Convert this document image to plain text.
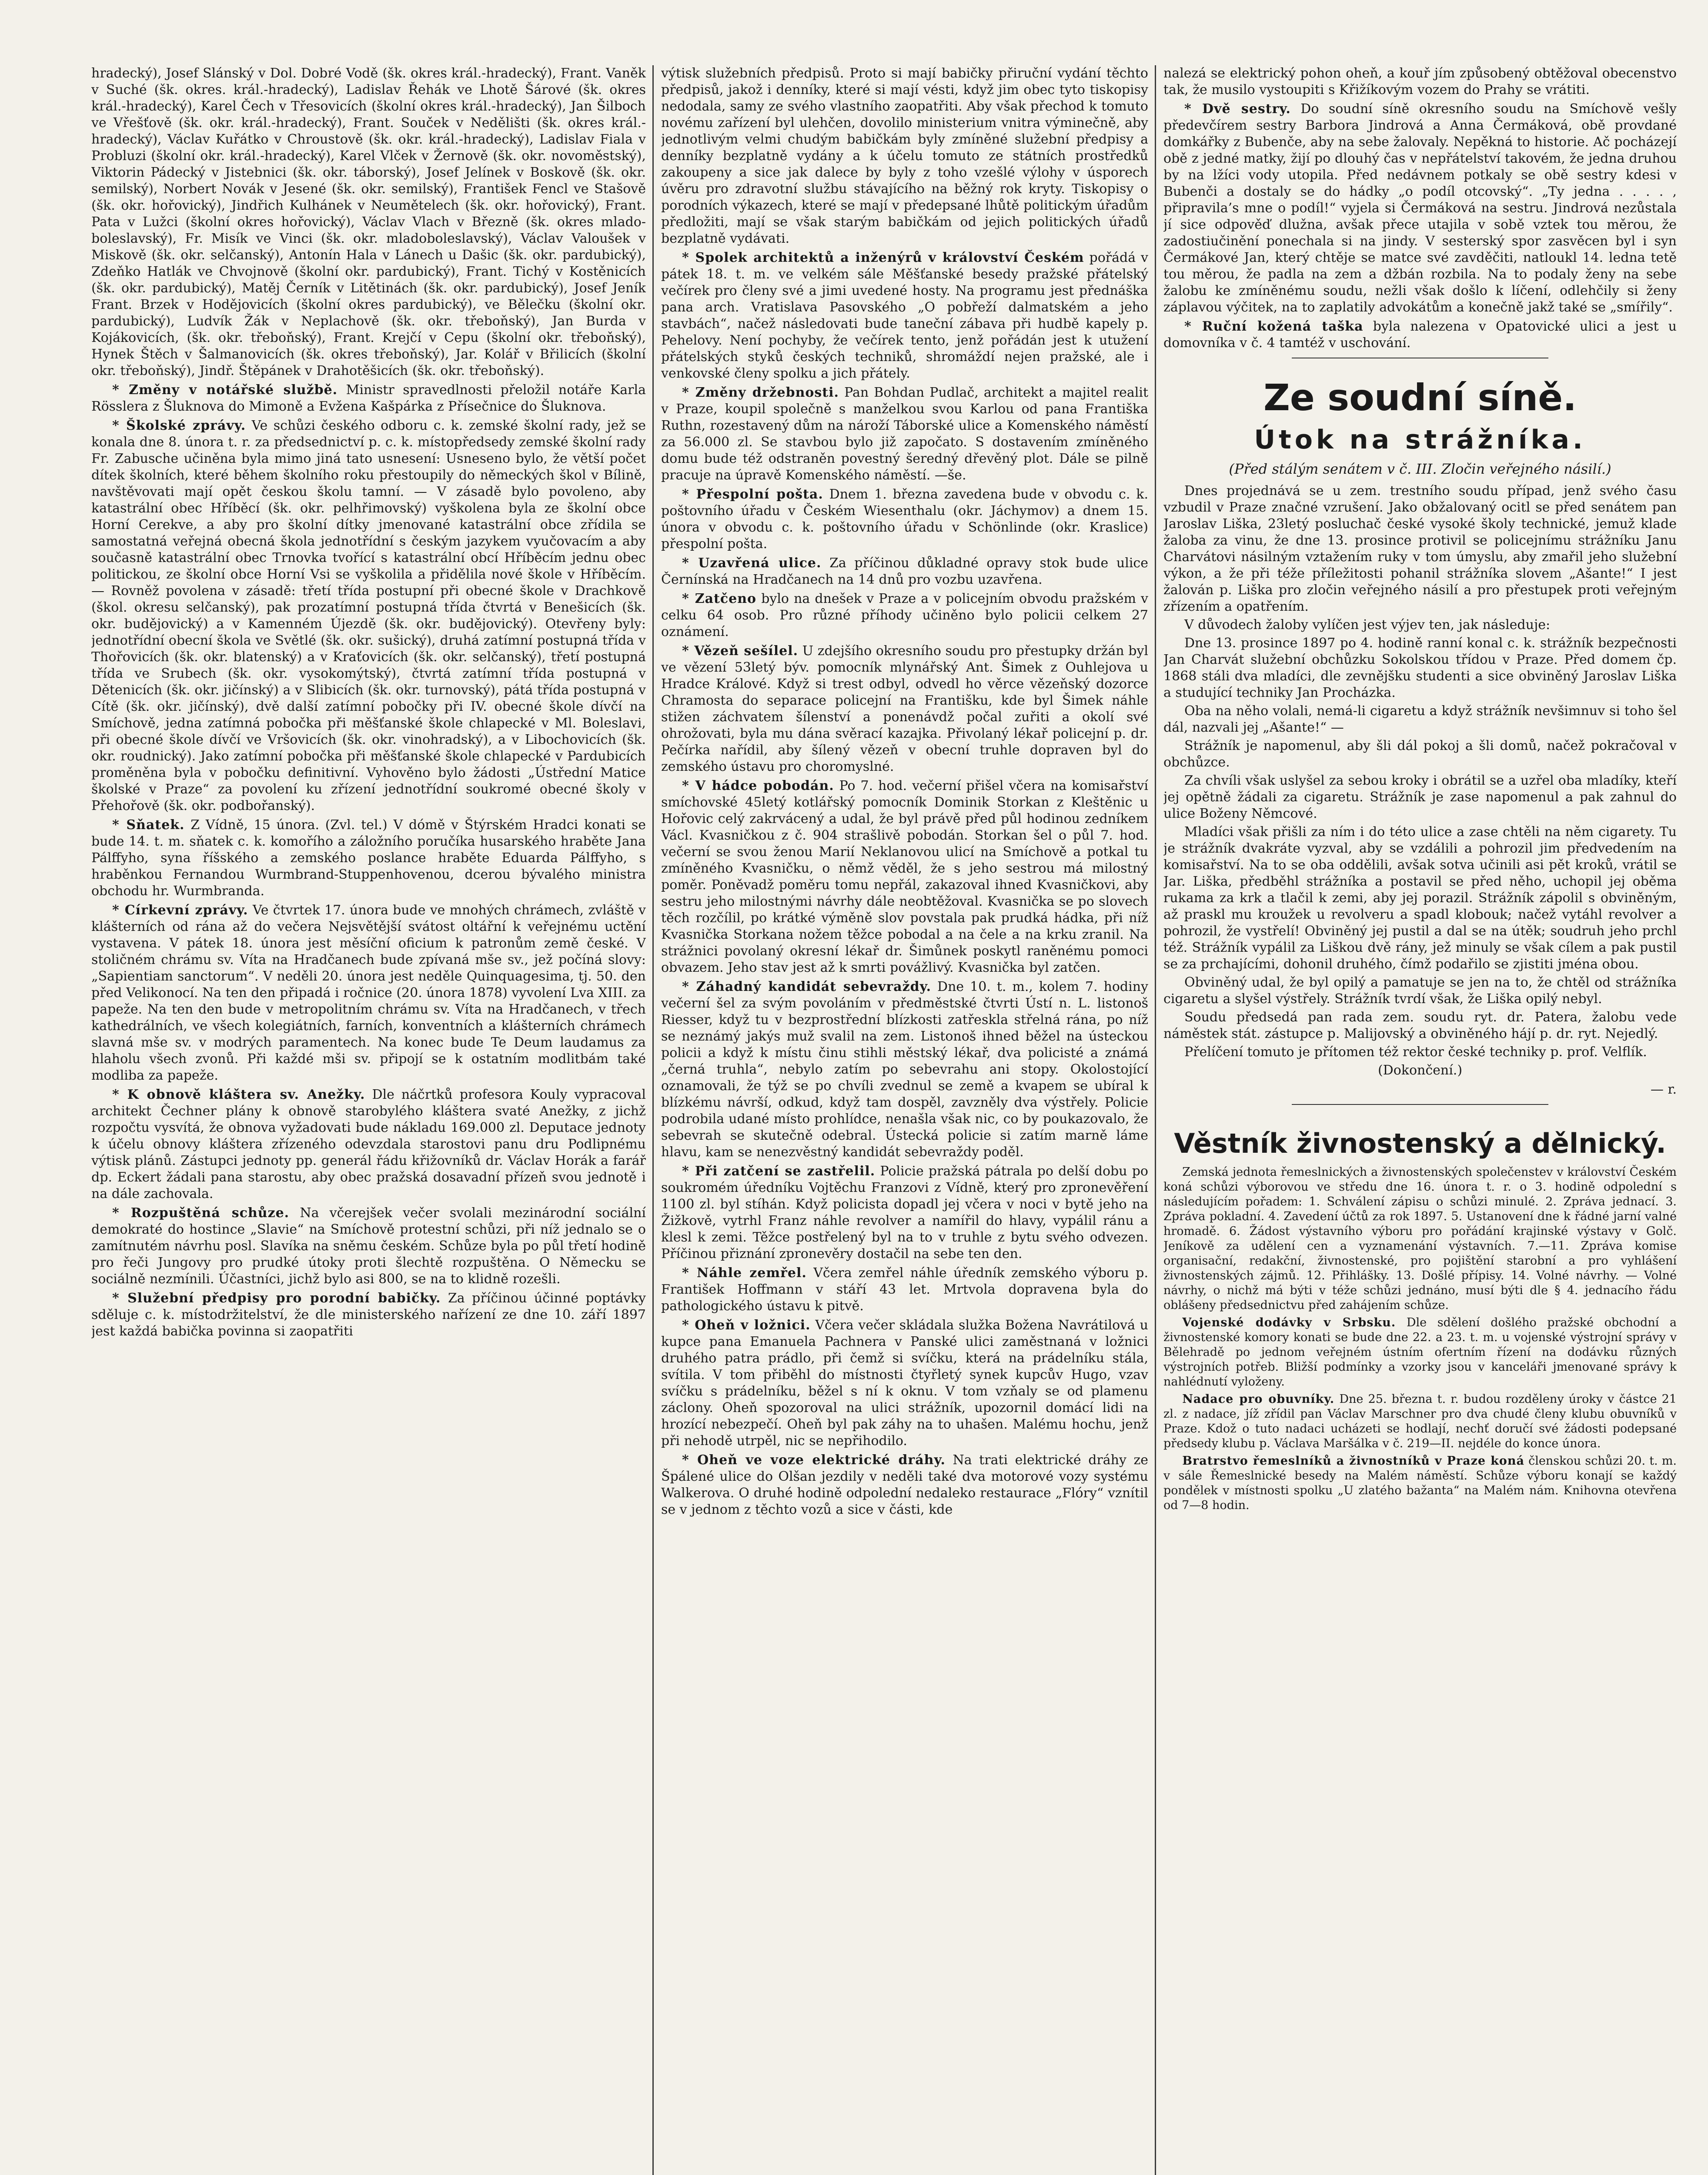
hradecký), Josef Slánský v Dol. Dobré Vodě (šk. okres král.-hradecký), Frant. Vaněk v Suché (šk. okres. král.-hradecký), Ladislav Řehák ve Lhotě Šárové (šk. okres král.-hradecký), Karel Čech v Třesovicích (školní okres král.-hradecký), Jan Šilboch ve Vřešťově (šk. okr. král.-hradecký), Frant. Souček v Nedělišti (šk. okres král.-hradecký), Václav Kuřátko v Chroustově (šk. okr. král.-hradecký), Ladislav Fiala v Probluzi (školní okr. král.-hradecký), Karel Vlček v Žernově (šk. okr. novoměstský), Viktorin Pádecký v Jistebnici (šk. okr. táborský), Josef Jelínek v Boskově (šk. okr. semilský), Norbert Novák v Jesené (šk. okr. semilský), František Fencl ve Stašově (šk. okr. hořovický), Jindřich Kulhánek v Neumětelech (šk. okr. hořovický), Frant. Pata v Lužci (školní okres hořovický), Václav Vlach v Březně (šk. okres mlado-boleslavský), Fr. Misík ve Vinci (šk. okr. mladoboleslavský), Václav Valoušek v Miskově (šk. okr. selčanský), Antonín Hala v Lánech u Dašic (šk. okr. pardubický), Zdeňko Hatlák ve Chvojnově (školní okr. pardubický), Frant. Tichý v Kostěnicích (šk. okr. pardubický), Matěj Černík v Litětinách (šk. okr. pardubický), Josef Jeník Frant. Brzek v Hodějovicích (školní okres pardubický), ve Bělečku (školní okr. pardubický), Ludvík Žák v Neplachově (šk. okr. třeboňský), Jan Burda v Kojákovicích, (šk. okr. třeboňský), Frant. Krejčí v Cepu (školní okr. třeboňský), Hynek Štěch v Šalmanovicích (šk. okres třeboňský), Jar. Kolář v Břilicích (školní okr. třeboňský), Jindř. Štěpánek v Drahotěšicích (šk. okr. třeboňský).

* Změny v notářské službě. Ministr spravedlnosti přeložil notáře Karla Rösslera z Šluknova do Mimoně a Evžena Kašpárka z Přísečnice do Šluknova.

* Školské zprávy. Ve schůzi českého odboru c. k. zemské školní rady, jež se konala dne 8. února t. r. za předsednictví p. c. k. místopředsedy zemské školní rady Fr. Zabusche učiněna byla mimo jiná tato usnesení: Usneseno bylo, že větší počet dítek školních, které během školního roku přestoupily do německých škol v Bílině, navštěvovati mají opět českou školu tamní. — V zásadě bylo povoleno, aby katastrální obec Hříběcí (šk. okr. pelhřimovský) vyškolena byla ze školní obce Horní Cerekve, a aby pro školní dítky jmenované katastrální obce zřídila se samostatná veřejná obecná škola jednotřídní s českým jazykem vyučovacím a aby současně katastrální obec Trnovka tvořící s katastrální obcí Hříběcím jednu obec politickou, ze školní obce Horní Vsi se vyškolila a přidělila nové škole v Hříběcím. — Rovněž povolena v zásadě: třetí třída postupní při obecné škole v Drachkově (škol. okresu selčanský), pak prozatímní postupná třída čtvrtá v Benešicích (šk. okr. budějovický) a v Kamenném Újezdě (šk. okr. budějovický). Otevřeny byly: jednotřídní obecní škola ve Světlé (šk. okr. sušický), druhá zatímní postupná třída v Thořovicích (šk. okr. blatenský) a v Kraťovicích (šk. okr. selčanský), třetí postupná třída ve Srubech (šk. okr. vysokomýtský), čtvrtá zatímní třída postupná v Dětenicích (šk. okr. jičínský) a v Slibicích (šk. okr. turnovský), pátá třída postupná v Cítě (šk. okr. jičínský), dvě další zatímní pobočky při IV. obecné škole dívčí na Smíchově, jedna zatímná pobočka při měšťanské škole chlapecké v Ml. Boleslavi, při obecné škole dívčí ve Vršovicích (šk. okr. vinohradský), a v Libochovicích (šk. okr. roudnický). Jako zatímní pobočka při měšťanské škole chlapecké v Pardubicích proměněna byla v pobočku definitivní. Vyhověno bylo žádosti „Ústřední Matice školské v Praze“ za povolení ku zřízení jednotřídní soukromé obecné školy v Přehořově (šk. okr. podbořanský).

* Sňatek. Z Vídně, 15 února. (Zvl. tel.) V dómě v Štýrském Hradci konati se bude 14. t. m. sňatek c. k. komořího a záložního poručíka husarského hraběte Jana Pálffyho, syna říšského a zemského poslance hraběte Eduarda Pálffyho, s hraběnkou Fernandou Wurmbrand-Stuppenhovenou, dcerou bývalého ministra obchodu hr. Wurmbranda.

* Církevní zprávy. Ve čtvrtek 17. února bude ve mnohých chrámech, zvláště v klášterních od rána až do večera Nejsvětější svátost oltářní k veřejnému uctění vystavena. V pátek 18. února jest měsíční oficium k patronům země české. V stoličném chrámu sv. Víta na Hradčanech bude zpívaná mše sv., jež počíná slovy: „Sapientiam sanctorum“. V neděli 20. února jest neděle Quinquagesima, tj. 50. den před Velikonocí. Na ten den připadá i ročnice (20. února 1878) vyvolení Lva XIII. za papeže. Na ten den bude v metropolitním chrámu sv. Víta na Hradčanech, v třech kathedrálních, ve všech kolegiátních, farních, konventních a klášterních chrámech slavná mše sv. v modrých paramentech. Na konec bude Te Deum laudamus za hlaholu všech zvonů. Při každé mši sv. připojí se k ostatním modlitbám také modliba za papeže.

* K obnově kláštera sv. Anežky. Dle náčrtků profesora Kouly vypracoval architekt Čechner plány k obnově starobylého kláštera svaté Anežky, z jichž rozpočtu vysvítá, že obnova vyžadovati bude nákladu 169.000 zl. Deputace jednoty k účelu obnovy kláštera zřízeného odevzdala starostovi panu dru Podlipnému výtisk plánů. Zástupci jednoty pp. generál řádu křižovníků dr. Václav Horák a farář dp. Eckert žádali pana starostu, aby obec pražská dosavadní přízeň svou jednotě i na dále zachovala.

* Rozpuštěná schůze. Na včerejšek večer svolali mezinárodní sociální demokraté do hostince „Slavie“ na Smíchově protestní schůzi, při níž jednalo se o zamítnutém návrhu posl. Slavíka na sněmu českém. Schůze byla po půl třetí hodině pro řeči Jungovy pro prudké útoky proti šlechtě rozpuštěna. O Německu se sociálně nezmínili. Účastníci, jichž bylo asi 800, se na to klidně rozešli.

* Služební předpisy pro porodní babičky. Za příčinou účinné poptávky sděluje c. k. místodržitelství, že dle ministerského nařízení ze dne 10. září 1897 jest každá babička povinna si zaopatřiti

výtisk služebních předpisů. Proto si mají babičky přiruční vydání těchto předpisů, jakož i denníky, které si mají vésti, když jim obec tyto tiskopisy nedodala, samy ze svého vlastního zaopatřiti. Aby však přechod k tomuto novému zařízení byl ulehčen, dovolilo ministerium vnitra výminečně, aby jednotlivým velmi chudým babičkám byly zmíněné služební předpisy a denníky bezplatně vydány a k účelu tomuto ze státních prostředků zakoupeny a sice jak dalece by byly z toho vzešlé výlohy v úsporech úvěru pro zdravotní službu stávajícího na běžný rok kryty. Tiskopisy o porodních výkazech, které se mají v předepsané lhůtě politickým úřadům předložiti, mají se však starým babičkám od jejich politických úřadů bezplatně vydávati.

* Spolek architektů a inženýrů v království Českém pořádá v pátek 18. t. m. ve velkém sále Měšťanské besedy pražské přátelský večírek pro členy své a jimi uvedené hosty. Na programu jest přednáška pana arch. Vratislava Pasovského „O pobřeží dalmatském a jeho stavbách“, načež následovati bude taneční zábava při hudbě kapely p. Pehelovy. Není pochyby, že večírek tento, jenž pořádán jest k utužení přátelských styků českých techniků, shromáždí nejen pražské, ale i venkovské členy spolku a jich přátely.

* Změny držebnosti. Pan Bohdan Pudlač, architekt a majitel realit v Praze, koupil společně s manželkou svou Karlou od pana Františka Ruthn, rozestavený dům na nároží Táborské ulice a Komenského náměstí za 56.000 zl. Se stavbou bylo již započato. S dostavením zmíněného domu bude též odstraněn povestný šeredný dřevěný plot. Dále se pilně pracuje na úpravě Komenského náměstí. —še.

* Přespolní pošta. Dnem 1. března zavedena bude v obvodu c. k. poštovního úřadu v Českém Wiesenthalu (okr. Jáchymov) a dnem 15. února v obvodu c. k. poštovního úřadu v Schönlinde (okr. Kraslice) přespolní pošta.

* Uzavřená ulice. Za příčinou důkladné opravy stok bude ulice Černínská na Hradčanech na 14 dnů pro vozbu uzavřena.

* Zatčeno bylo na dnešek v Praze a v policejním obvodu pražském v celku 64 osob. Pro různé příhody učiněno bylo policii celkem 27 oznámení.

* Vězeň sešílel. U zdejšího okresního soudu pro přestupky držán byl ve vězení 53letý býv. pomocník mlynářský Ant. Šimek z Ouhlejova u Hradce Králové. Když si trest odbyl, odvedl ho věrce vězeňský dozorce Chramosta do separace policejní na Františku, kde byl Šimek náhle stižen záchvatem šílenství a ponenávdž počal zuřiti a okolí své ohrožovati, byla mu dána svěrací kazajka. Přivolaný lékař policejní p. dr. Pečírka nařídil, aby šílený vězeň v obecní truhle dopraven byl do zemského ústavu pro choromyslné.

* V hádce pobodán. Po 7. hod. večerní přišel včera na komisařství smíchovské 45letý kotlářský pomocník Dominik Storkan z Kleštěnic u Hořovic celý zakrvácený a udal, že byl právě před půl hodinou zedníkem Václ. Kvasničkou z č. 904 strašlivě pobodán. Storkan šel o půl 7. hod. večerní se svou ženou Marií Neklanovou ulicí na Smíchově a potkal tu zmíněného Kvasničku, o němž věděl, že s jeho sestrou má milostný poměr. Poněvadž poměru tomu nepřál, zakazoval ihned Kvasničkovi, aby sestru jeho milostnými návrhy dále neobtěžoval. Kvasnička se po slovech těch rozčílil, po krátké výměně slov povstala pak prudká hádka, při níž Kvasnička Storkana nožem těžce pobodal a na čele a na krku zranil. Na strážnici povolaný okresní lékař dr. Šimůnek poskytl raněnému pomoci obvazem. Jeho stav jest až k smrti povážlivý. Kvasnička byl zatčen.

* Záhadný kandidát sebevraždy. Dne 10. t. m., kolem 7. hodiny večerní šel za svým povoláním v předměstské čtvrti Ústí n. L. listonoš Riesser, když tu v bezprostřední blízkosti zatřeskla střelná rána, po níž se neznámý jakýs muž svalil na zem. Listonoš ihned běžel na ústeckou policii a když k místu činu stihli městský lékař, dva policisté a známá „černá truhla“, nebylo zatím po sebevrahu ani stopy. Okolostojící oznamovali, že týž se po chvíli zvednul se země a kvapem se ubíral k blízkému návrší, odkud, když tam dospěl, zavzněly dva výstřely. Policie podrobila udané místo prohlídce, nenašla však nic, co by poukazovalo, že sebevrah se skutečně odebral. Ústecká policie si zatím marně láme hlavu, kam se nenezvěstný kandidát sebevraždy poděl.

* Při zatčení se zastřelil. Policie pražská pátrala po delší dobu po soukromém úředníku Vojtěchu Franzovi z Vídně, který pro zpronevěření 1100 zl. byl stíhán. Když policista dopadl jej včera v noci v bytě jeho na Žižkově, vytrhl Franz náhle revolver a namířil do hlavy, vypálil ránu a klesl k zemi. Těžce postřelený byl na to v truhle z bytu svého odvezen. Příčinou přiznání zpronevěry dostačil na sebe ten den.

* Náhle zemřel. Včera zemřel náhle úředník zemského výboru p. František Hoffmann v stáří 43 let. Mrtvola dopravena byla do pathologického ústavu k pitvě.

* Oheň v ložnici. Včera večer skládala služka Božena Navrátilová u kupce pana Emanuela Pachnera v Panské ulici zaměstnaná v ložnici druhého patra prádlo, při čemž si svíčku, která na prádelníku stála, svítila. V tom přiběhl do místnosti čtyřletý synek kupcův Hugo, vzav svíčku s prádelníku, běžel s ní k oknu. V tom vzňaly se od plamenu záclony. Oheň spozoroval na ulici strážník, upozornil domácí lidi na hrozící nebezpečí. Oheň byl pak záhy na to uhašen. Malému hochu, jenž při nehodě utrpěl, nic se nepřihodilo.

* Oheň ve voze elektrické dráhy. Na trati elektrické dráhy ze Špálené ulice do Olšan jezdily v neděli také dva motorové vozy systému Walkerova. O druhé hodině odpolední nedaleko restaurace „Flóry“ vznítil se v jednom z těchto vozů a sice v části, kde

nalezá se elektrický pohon oheň, a kouř jím způsobený obtěžoval obecenstvo tak, že musilo vystoupiti s Křižíkovým vozem do Prahy se vrátiti.

* Dvě sestry. Do soudní síně okresního soudu na Smíchově vešly předevčírem sestry Barbora Jindrová a Anna Čermáková, obě provdané domkářky z Bubenče, aby na sebe žalovaly. Nepěkná to historie. Ač pocházejí obě z jedné matky, žijí po dlouhý čas v nepřátelství takovém, že jedna druhou by na lžíci vody utopila. Před nedávnem potkaly se obě sestry kdesi v Bubenči a dostaly se do hádky „o podíl otcovský“. „Ty jedna . . . . , připravila’s mne o podíl!“ vyjela si Čermáková na sestru. Jindrová nezůstala jí sice odpověď dlužna, avšak přece utajila v sobě vztek tou měrou, že zadostiučinění ponechala si na jindy. V sesterský spor zasvěcen byl i syn Čermákové Jan, který chtěje se matce své zavděčiti, natloukl 14. ledna tetě tou měrou, že padla na zem a džbán rozbila. Na to podaly ženy na sebe žalobu ke zmíněnému soudu, nežli však došlo k líčení, odlehčily si ženy záplavou výčitek, na to zaplatily advokátům a konečně jakž také se „smířily“.

* Ruční kožená taška byla nalezena v Opatovické ulici a jest u domovníka v č. 4 tamtéž v uschování.

Ze soudní síně.
Útok na strážníka.
(Před stálým senátem v č. III. Zločin veřejného násilí.)

Dnes projednává se u zem. trestního soudu případ, jenž svého času vzbudil v Praze značné vzrušení. Jako obžalovaný ocitl se před senátem pan Jaroslav Liška, 23letý posluchač české vysoké školy technické, jemuž klade žaloba za vinu, že dne 13. prosince protivil se policejnímu strážníku Janu Charvátovi násilným vztažením ruky v tom úmyslu, aby zmařil jeho služební výkon, a že při téže příležitosti pohanil strážníka slovem „Ašante!“ I jest žalován p. Liška pro zločin veřejného násilí a pro přestupek proti veřejným zřízením a opatřením.

V důvodech žaloby vylíčen jest výjev ten, jak následuje:

Dne 13. prosince 1897 po 4. hodině ranní konal c. k. strážník bezpečnosti Jan Charvát služební obchůzku Sokolskou třídou v Praze. Před domem čp. 1868 stáli dva mladíci, dle zevnějšku studenti a sice obviněný Jaroslav Liška a studující techniky Jan Procházka.

Oba na něho volali, nemá-li cigaretu a když strážník nevšimnuv si toho šel dál, nazvali jej „Ašante!“ —

Strážník je napomenul, aby šli dál pokoj a šli domů, načež pokračoval v obchůzce.

Za chvíli však uslyšel za sebou kroky i obrátil se a uzřel oba mladíky, kteří jej opětně žádali za cigaretu. Strážník je zase napomenul a pak zahnul do ulice Boženy Němcové.

Mladíci však přišli za ním i do této ulice a zase chtěli na něm cigarety. Tu je strážník dvakráte vyzval, aby se vzdálili a pohrozil jim předvedením na komisařství. Na to se oba oddělili, avšak sotva učinili asi pět kroků, vrátil se Jar. Liška, předběhl strážníka a postavil se před něho, uchopil jej oběma rukama za krk a tlačil k zemi, aby jej porazil. Strážník zápolil s obviněným, až praskl mu kroužek u revolveru a spadl klobouk; načež vytáhl revolver a pohrozil, že vystřelí! Obviněný jej pustil a dal se na útěk; soudruh jeho prchl též. Strážník vypálil za Liškou dvě rány, jež minuly se však cílem a pak pustil se za prchajícími, dohonil druhého, čímž podařilo se zjistiti jména obou.

Obviněný udal, že byl opilý a pamatuje se jen na to, že chtěl od strážníka cigaretu a slyšel výstřely. Strážník tvrdí však, že Liška opilý nebyl.

Soudu předsedá pan rada zem. soudu ryt. dr. Patera, žalobu vede náměstek stát. zástupce p. Malijovský a obviněného hájí p. dr. ryt. Nejedlý.

Přelíčení tomuto je přítomen též rektor české techniky p. prof. Velflík.

(Dokončení.)
— r.
Věstník živnostenský a dělnický.

Zemská jednota řemeslnických a živnostenských společenstev v království Českém koná schůzi výborovou ve středu dne 16. února t. r. o 3. hodině odpolední s následujícím pořadem: 1. Schválení zápisu o schůzi minulé. 2. Zpráva jednací. 3. Zpráva pokladní. 4. Zavedení účtů za rok 1897. 5. Ustanovení dne k řádné jarní valné hromadě. 6. Žádost výstavního výboru pro pořádání krajinské výstavy v Golč. Jeníkově za udělení cen a vyznamenání výstavních. 7.—11. Zpráva komise organisační, redakční, živnostenské, pro pojištění starobní a pro vyhlášení živnostenských zájmů. 12. Přihlášky. 13. Došlé přípisy. 14. Volné návrhy. — Volné návrhy, o nichž má býti v téže schůzi jednáno, musí býti dle § 4. jednacího řádu oblášeny předsednictvu před zahájením schůze.

Vojenské dodávky v Srbsku. Dle sdělení došlého pražské obchodní a živnostenské komory konati se bude dne 22. a 23. t. m. u vojenské výstrojní správy v Bělehradě po jednom veřejném ústním ofertním řízení na dodávku různých výstrojních potřeb. Bližší podmínky a vzorky jsou v kanceláři jmenované správy k nahlédnutí vyloženy.

Nadace pro obuvníky. Dne 25. března t. r. budou rozděleny úroky v částce 21 zl. z nadace, jíž zřídil pan Václav Marschner pro dva chudé členy klubu obuvníků v Praze. Kdož o tuto nadaci ucházeti se hodlají, nechť doručí své žádosti podepsané předsedy klubu p. Václava Maršálka v č. 219—II. nejdéle do konce února.

Bratrstvo řemeslníků a živnostníků v Praze koná členskou schůzi 20. t. m. v sále Řemeslnické besedy na Malém náměstí. Schůze výboru konají se každý pondělek v místnosti spolku „U zlatého bažanta“ na Malém nám. Knihovna otevřena od 7—8 hodin.
